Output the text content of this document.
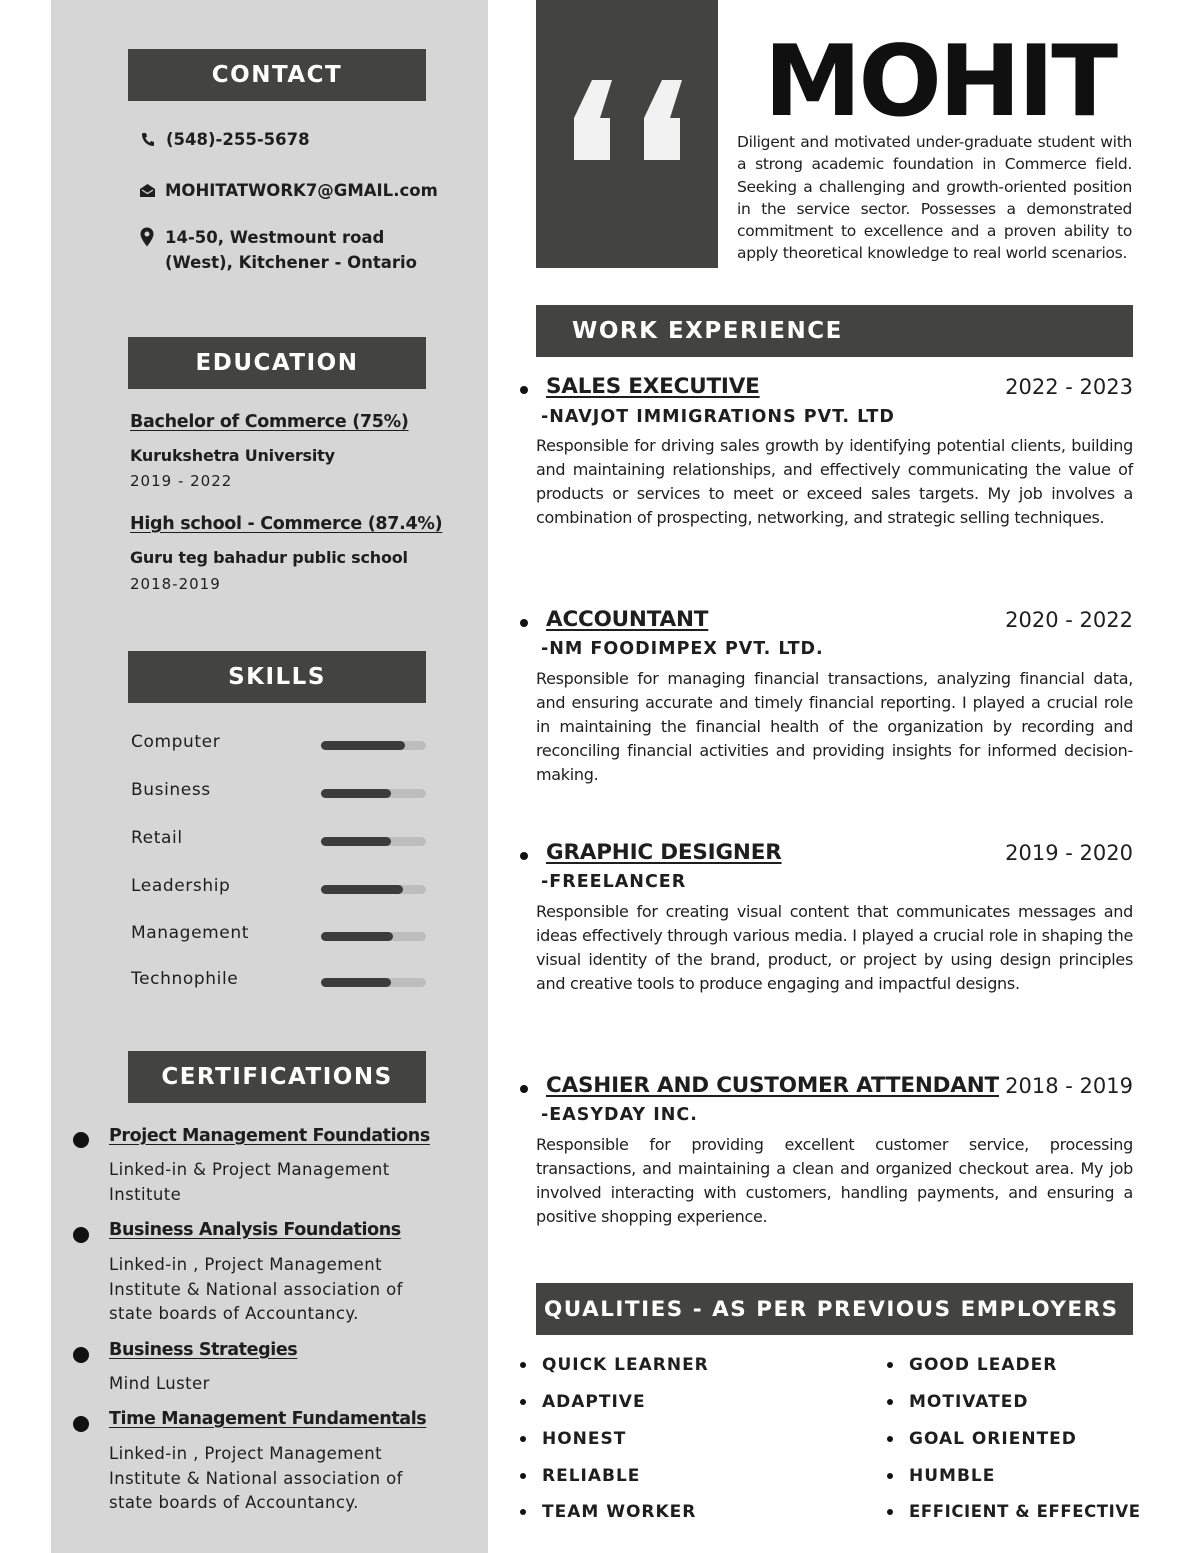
CONTACT
(548)-255-5678
MOHITATWORK7@GMAIL.com
14-50, Westmount road
(West), Kitchener - Ontario
EDUCATION
Bachelor of Commerce (75%)
Kurukshetra University
2019 - 2022
High school - Commerce (87.4%)
Guru teg bahadur public school
2018-2019
SKILLS
Computer
Business
Retail
Leadership
Management
Technophile
CERTIFICATIONS
Project Management Foundations
Linked-in & Project Management Institute
Business Analysis Foundations
Linked-in , Project Management Institute & National association of state boards of Accountancy.
Business Strategies
Mind Luster
Time Management Fundamentals
Linked-in , Project Management Institute & National association of state boards of Accountancy.
MOHIT
Diligent and motivated under-graduate student with a strong academic foundation in Commerce field. Seeking a challenging and growth-oriented position in the service sector. Possesses a demonstrated commitment to excellence and a proven ability to apply theoretical knowledge to real world scenarios.
WORK EXPERIENCE
SALES EXECUTIVE	2022 - 2023
-NAVJOT IMMIGRATIONS PVT. LTD
Responsible for driving sales growth by identifying potential clients, building and maintaining relationships, and effectively communicating the value of products or services to meet or exceed sales targets. My job involves a combination of prospecting, networking, and strategic selling techniques.
ACCOUNTANT	2020 - 2022
-NM FOODIMPEX PVT. LTD.
Responsible for managing financial transactions, analyzing financial data, and ensuring accurate and timely financial reporting. I played a crucial role in maintaining the financial health of the organization by recording and reconciling financial activities and providing insights for informed decision-making.
GRAPHIC DESIGNER	2019 - 2020
-FREELANCER
Responsible for creating visual content that communicates messages and ideas effectively through various media. I played a crucial role in shaping the visual identity of the brand, product, or project by using design principles and creative tools to produce engaging and impactful designs.
CASHIER AND CUSTOMER ATTENDANT 2018 - 2019
-EASYDAY INC.
Responsible for providing excellent customer service, processing transactions, and maintaining a clean and organized checkout area. My job involved interacting with customers, handling payments, and ensuring a positive shopping experience.
QUALITIES - AS PER PREVIOUS EMPLOYERS
QUICK LEARNER
ADAPTIVE
HONEST
RELIABLE
TEAM WORKER
GOOD LEADER
MOTIVATED
GOAL ORIENTED
HUMBLE
EFFICIENT & EFFECTIVE
